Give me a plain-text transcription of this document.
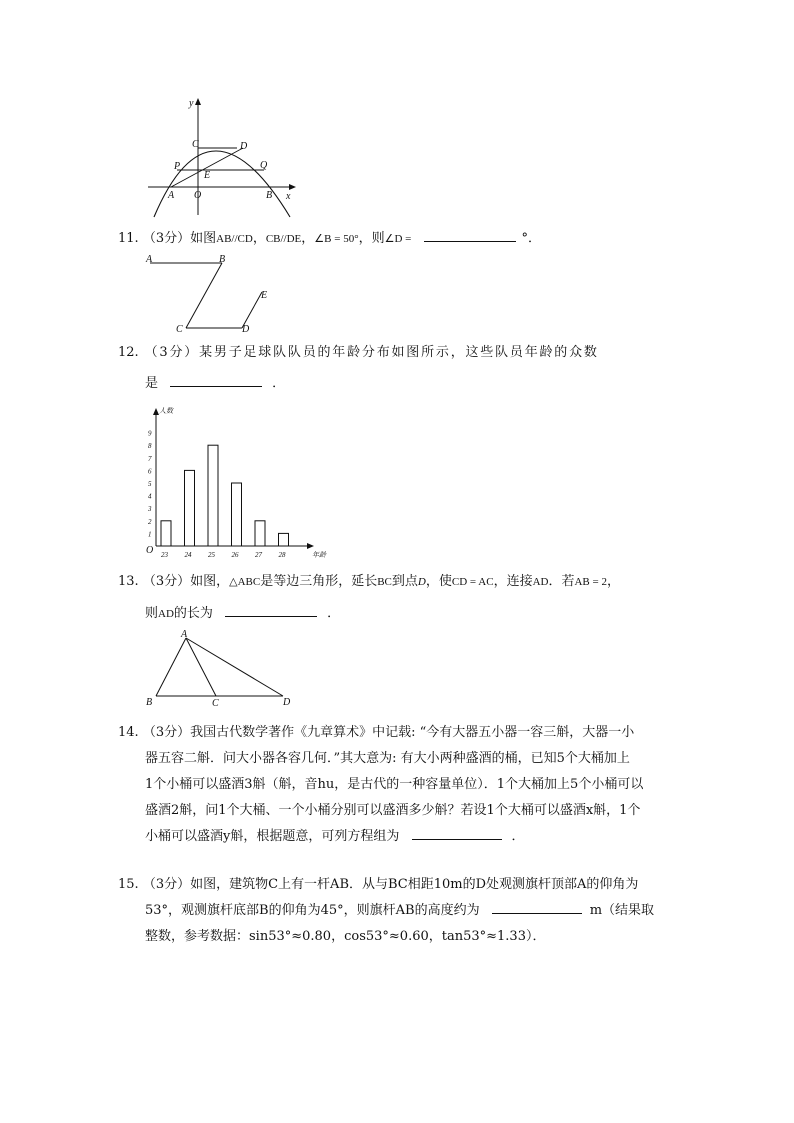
y
x
C	D
P	Q
E
A O	B
11. （3分）如图AB//CD，CB//DE，∠B = 50°，则∠D =	°．
A	B
C	D
E
12. （3分）某男子足球队队员的年龄分布如图所示，这些队员年龄的众数
是	．
人数
年龄
O
1
2
3
4
5
6
7
8
9
23 24 25 26 27 28
13. （3分）如图，△ABC是等边三角形，延长BC到点D，使CD = AC，连接AD．若AB = 2，
则AD的长为	．
A
B	C	D
14. （3分）我国古代数学著作《九章算术》中记载: “今有大器五小器一容三斛，大器一小
器五容二斛．问大小器各容几何．”其大意为: 有大小两种盛酒的桶，已知5个大桶加上
1个小桶可以盛酒3斛（斛，音hu，是古代的一种容量单位）．1个大桶加上5个小桶可以
盛酒2斛，问1个大桶、一个小桶分别可以盛酒多少斛？若设1个大桶可以盛酒x斛，1个
小桶可以盛酒y斛，根据题意，可列方程组为	．
15. （3分）如图，建筑物C上有一杆AB．从与BC相距10m的D处观测旗杆顶部A的仰角为
53°，观测旗杆底部B的仰角为45°，则旗杆AB的高度约为	m（结果取
整数，参考数据：sin53°≈0.80，cos53°≈0.60，tan53°≈1.33）．
